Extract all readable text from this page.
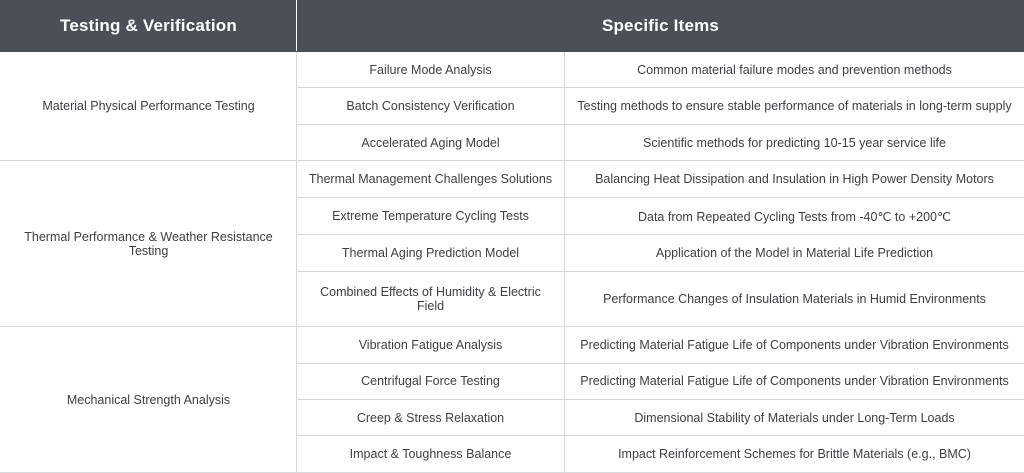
Testing & Verification	Specific Items	
Material Physical Performance Testing	Failure Mode Analysis	Common material failure modes and prevention methods
	Batch Consistency Verification	Testing methods to ensure stable performance of materials in long-term supply
	Accelerated Aging Model	Scientific methods for predicting 10-15 year service life
Thermal Performance & Weather Resistance Testing	Thermal Management Challenges Solutions	Balancing Heat Dissipation and Insulation in High Power Density Motors
	Extreme Temperature Cycling Tests	Data from Repeated Cycling Tests from -40℃ to +200℃
	Thermal Aging Prediction Model	Application of the Model in Material Life Prediction
	Combined Effects of Humidity & Electric Field	Performance Changes of Insulation Materials in Humid Environments
Mechanical Strength Analysis	Vibration Fatigue Analysis	Predicting Material Fatigue Life of Components under Vibration Environments
	Centrifugal Force Testing	Predicting Material Fatigue Life of Components under Vibration Environments
	Creep & Stress Relaxation	Dimensional Stability of Materials under Long-Term Loads
	Impact & Toughness Balance	Impact Reinforcement Schemes for Brittle Materials (e.g., BMC)
